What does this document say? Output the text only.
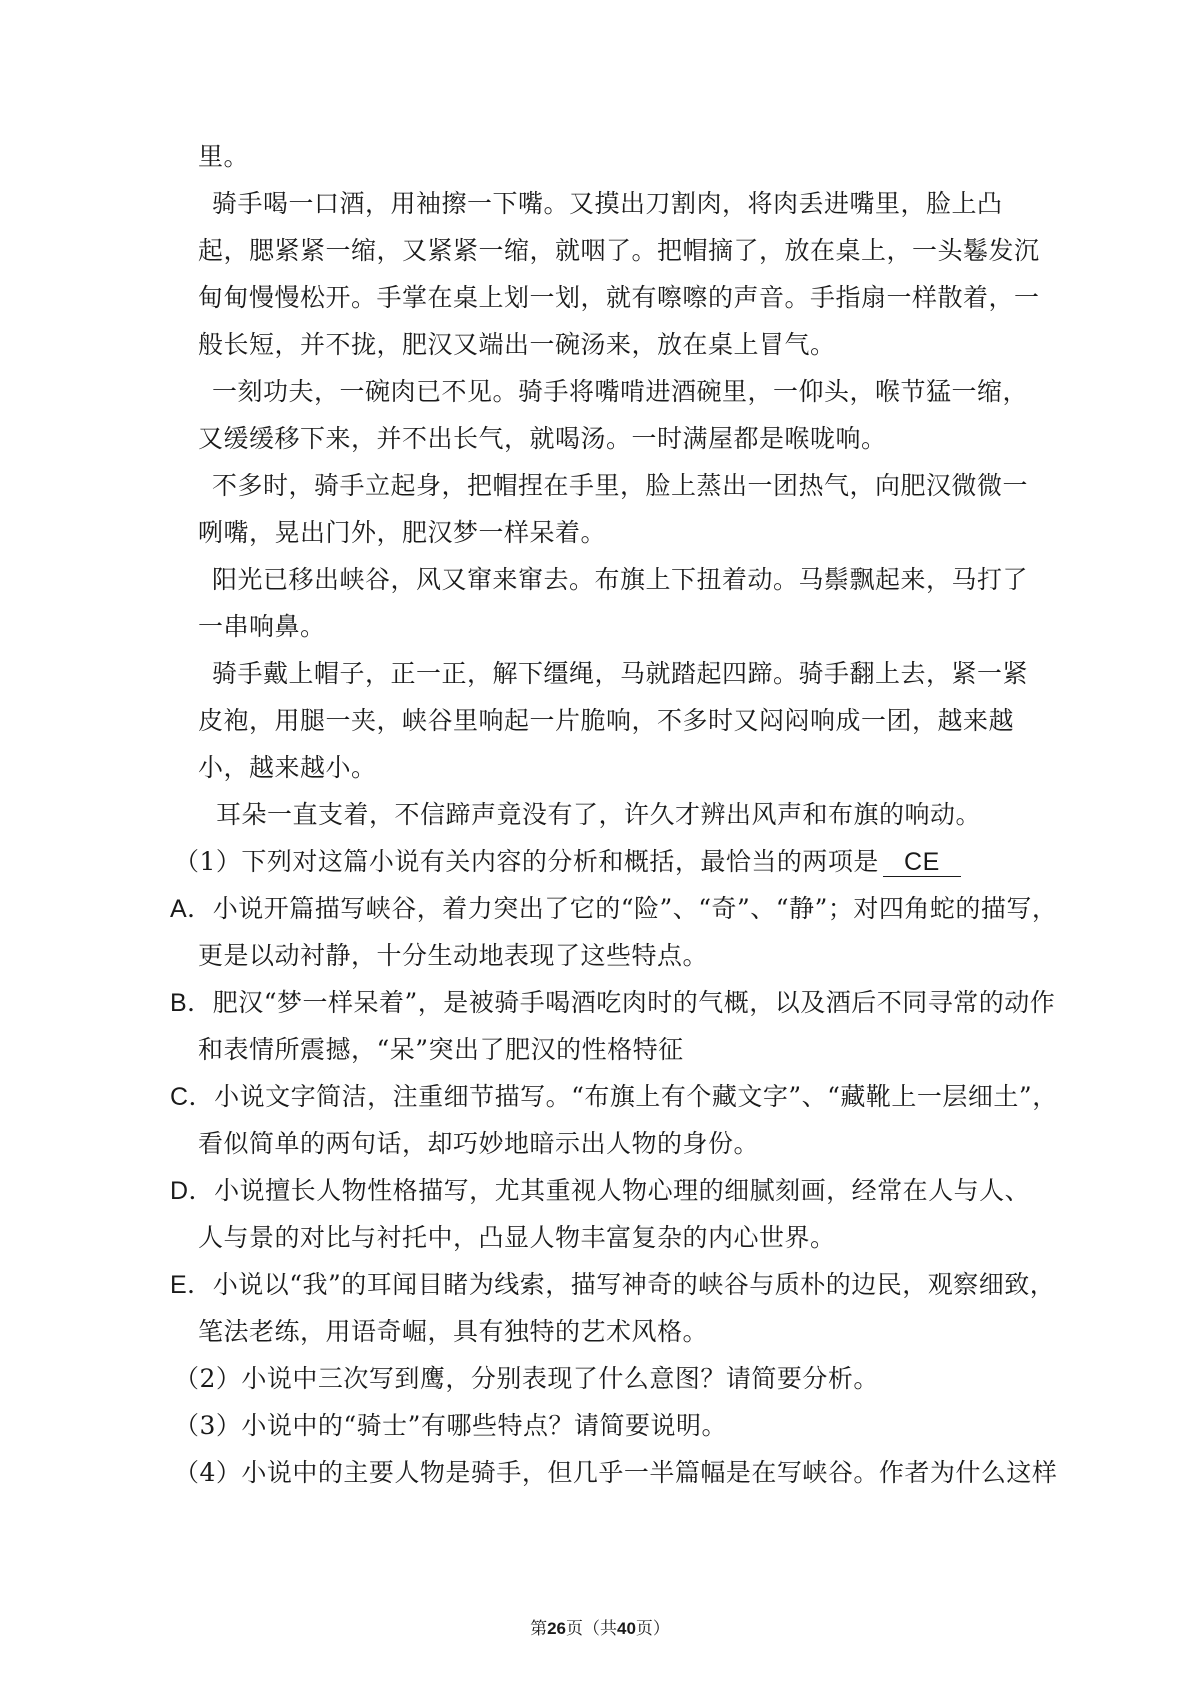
里。
骑手喝一口酒，用袖擦一下嘴。又摸出刀割肉，将肉丢进嘴里，脸上凸
起，腮紧紧一缩，又紧紧一缩，就咽了。把帽摘了，放在桌上，一头鬈发沉
甸甸慢慢松开。手掌在桌上划一划，就有嚓嚓的声音。手指扇一样散着，一
般长短，并不拢，肥汉又端出一碗汤来，放在桌上冒气。
一刻功夫，一碗肉已不见。骑手将嘴啃进酒碗里，一仰头，喉节猛一缩，
又缓缓移下来，并不出长气，就喝汤。一时满屋都是喉咙响。
不多时，骑手立起身，把帽捏在手里，脸上蒸出一团热气，向肥汉微微一
咧嘴，晃出门外，肥汉梦一样呆着。
阳光已移出峡谷，风又窜来窜去。布旗上下扭着动。马鬃飘起来，马打了
一串响鼻。
骑手戴上帽子，正一正，解下缰绳，马就踏起四蹄。骑手翻上去，紧一紧
皮袍，用腿一夹，峡谷里响起一片脆响，不多时又闷闷响成一团，越来越
小，越来越小。
耳朵一直支着，不信蹄声竟没有了，许久才辨出风声和布旗的响动。
（1）下列对这篇小说有关内容的分析和概括，最恰当的两项是 CE
A．小说开篇描写峡谷，着力突出了它的“险”、“奇”、“静”；对四角蛇的描写，
更是以动衬静，十分生动地表现了这些特点。
B．肥汉“梦一样呆着”，是被骑手喝酒吃肉时的气概，以及酒后不同寻常的动作
和表情所震撼，“呆”突出了肥汉的性格特征
C．小说文字简洁，注重细节描写。“布旗上有个藏文字”、“藏靴上一层细土”，
看似简单的两句话，却巧妙地暗示出人物的身份。
D．小说擅长人物性格描写，尤其重视人物心理的细腻刻画，经常在人与人、
人与景的对比与衬托中，凸显人物丰富复杂的内心世界。
E．小说以“我”的耳闻目睹为线索，描写神奇的峡谷与质朴的边民，观察细致，
笔法老练，用语奇崛，具有独特的艺术风格。
（2）小说中三次写到鹰，分别表现了什么意图？请简要分析。
（3）小说中的“骑士”有哪些特点？请简要说明。
（4）小说中的主要人物是骑手，但几乎一半篇幅是在写峡谷。作者为什么这样
第26页（共40页）
